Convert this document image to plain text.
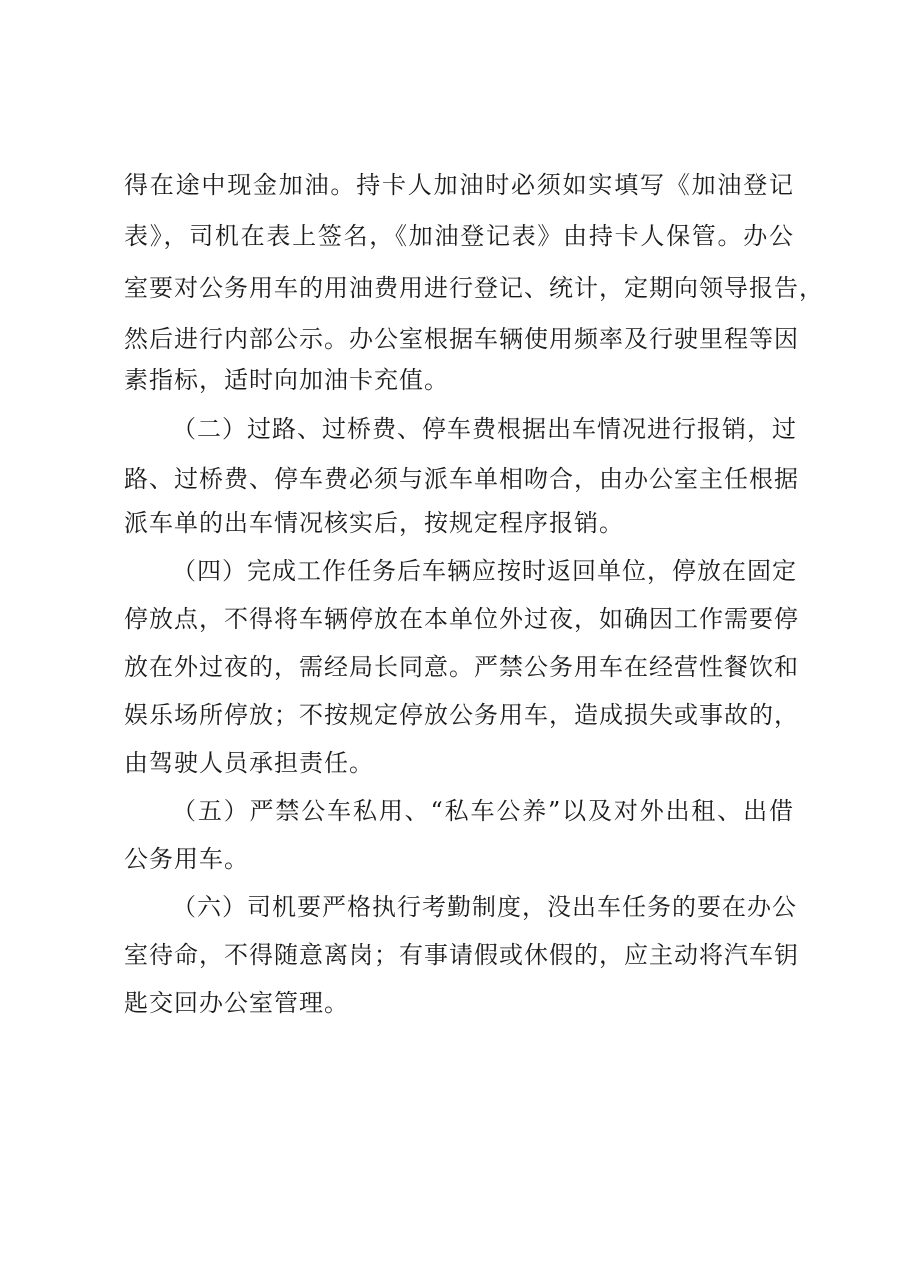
得在途中现金加油。持卡人加油时必须如实填写《加油登记

表》，司机在表上签名，《加油登记表》由持卡人保管。办公

室要对公务用车的用油费用进行登记、统计，定期向领导报告，

然后进行内部公示。办公室根据车辆使用频率及行驶里程等因

素指标，适时向加油卡充值。

（二）过路、过桥费、停车费根据出车情况进行报销，过

路、过桥费、停车费必须与派车单相吻合，由办公室主任根据

派车单的出车情况核实后，按规定程序报销。

（四）完成工作任务后车辆应按时返回单位，停放在固定

停放点，不得将车辆停放在本单位外过夜，如确因工作需要停

放在外过夜的，需经局长同意。严禁公务用车在经营性餐饮和

娱乐场所停放；不按规定停放公务用车，造成损失或事故的，

由驾驶人员承担责任。

（五）严禁公车私用、“私车公养”以及对外出租、出借

公务用车。

（六）司机要严格执行考勤制度，没出车任务的要在办公

室待命，不得随意离岗；有事请假或休假的，应主动将汽车钥

匙交回办公室管理。
